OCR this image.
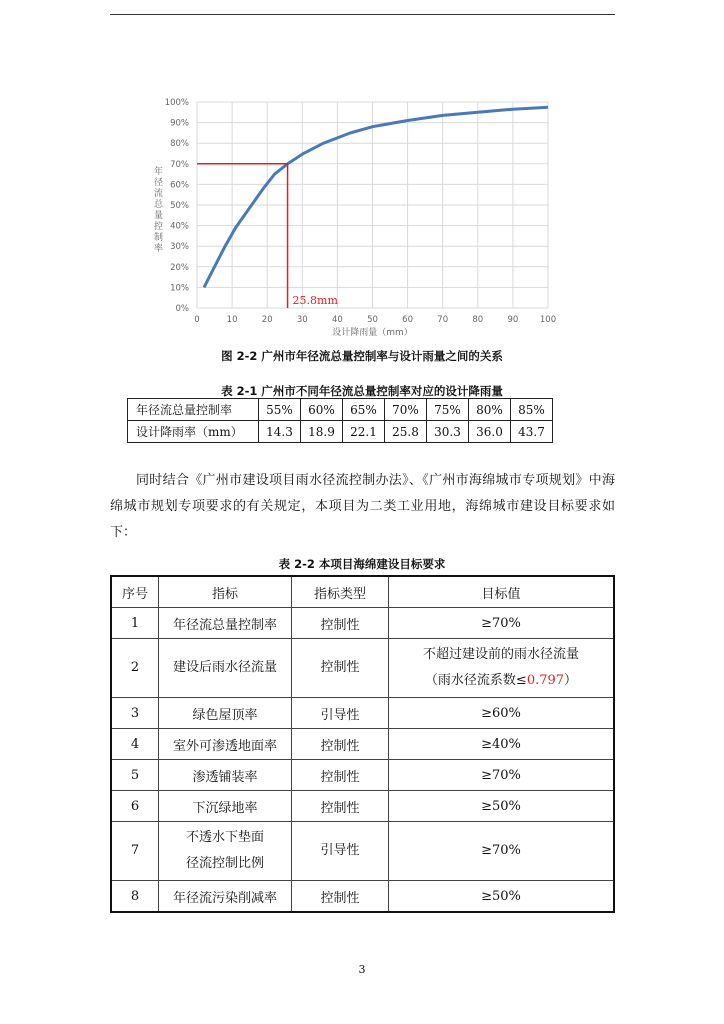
0%
10%
20%
30%
40%
50%
60%
70%
80%
90%
100%
0	10	20	30	40	50	60	70	80	90	100
25.8mm
年径流总量控制率
设计降雨量（mm）
图 2-2 广州市年径流总量控制率与设计雨量之间的关系
表 2-1 广州市不同年径流总量控制率对应的设计降雨量
年径流总量控制率	55%	60%	65%	70%	75%	80%	85%
设计降雨率（mm）	14.3	18.9	22.1	25.8	30.3	36.0	43.7
同时结合《广州市建设项目雨水径流控制办法》、《广州市海绵城市专项规划》中海绵城市规划专项要求的有关规定，本项目为二类工业用地，海绵城市建设目标要求如下：
表 2-2 本项目海绵建设目标要求
序号	指标	指标类型	目标值
1	年径流总量控制率	控制性	≥70%
2	建设后雨水径流量	控制性	不超过建设前的雨水径流量
（雨水径流系数≤0.797）
3	绿色屋顶率	引导性	≥60%
4	室外可渗透地面率	控制性	≥40%
5	渗透铺装率	控制性	≥70%
6	下沉绿地率	控制性	≥50%
7	不透水下垫面
径流控制比例	引导性	≥70%
8	年径流污染削减率	控制性	≥50%
3
